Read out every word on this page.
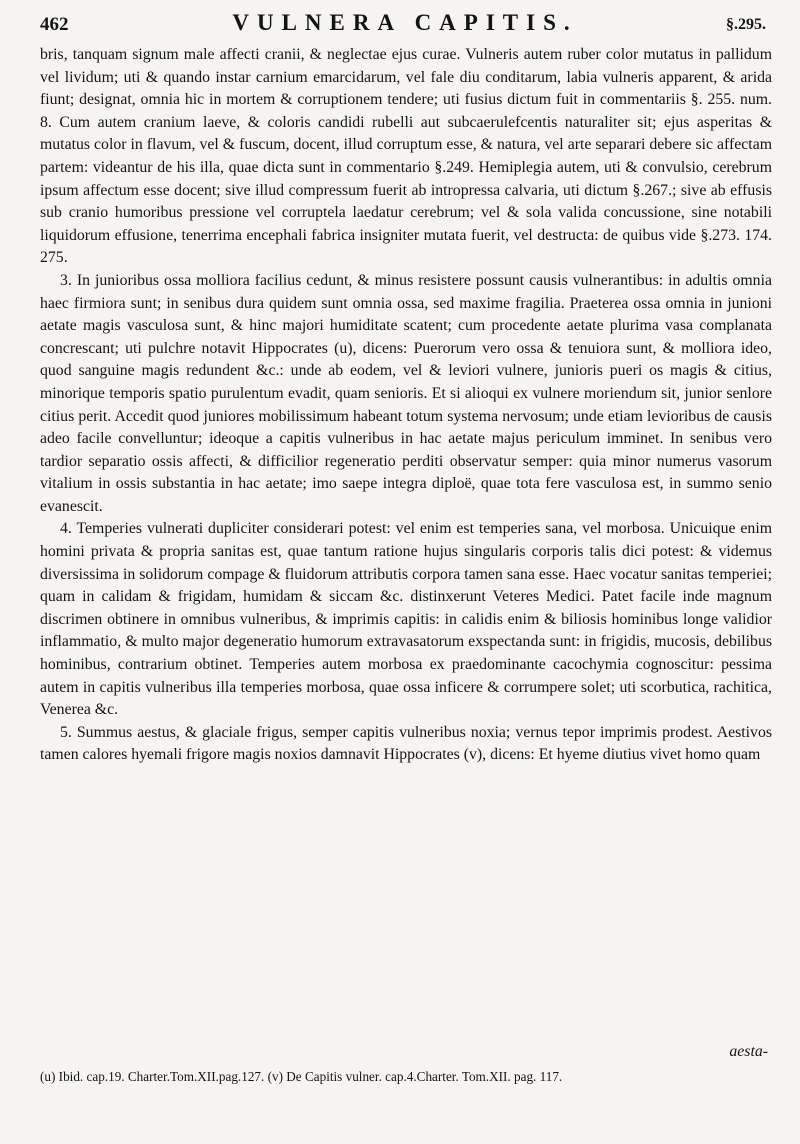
462	VULNERA CAPITIS.	§.295.

bris, tanquam signum male affecti cranii, & neglectae ejus curae. Vulneris autem ruber color mutatus in pallidum vel lividum; uti & quando instar carnium emarcidarum, vel fale diu conditarum, labia vulneris apparent, & arida fiunt; designat, omnia hic in mortem & corruptionem tendere; uti fusius dictum fuit in commentariis §. 255. num. 8. Cum autem cranium laeve, & coloris candidi rubelli aut subcaerulefcentis naturaliter sit; ejus asperitas & mutatus color in flavum, vel & fuscum, docent, illud corruptum esse, & natura, vel arte separari debere sic affectam partem: videantur de his illa, quae dicta sunt in commentario §.249. Hemiplegia autem, uti & convulsio, cerebrum ipsum affectum esse docent; sive illud compressum fuerit ab intropressa calvaria, uti dictum §.267.; sive ab effusis sub cranio humoribus pressione vel corruptela laedatur cerebrum; vel & sola valida concussione, sine notabili liquidorum effusione, tenerrima encephali fabrica insigniter mutata fuerit, vel destructa: de quibus vide §.273. 174. 275.

3. In junioribus ossa molliora facilius cedunt, & minus resistere possunt causis vulnerantibus: in adultis omnia haec firmiora sunt; in senibus dura quidem sunt omnia ossa, sed maxime fragilia. Praeterea ossa omnia in junioni aetate magis vasculosa sunt, & hinc majori humiditate scatent; cum procedente aetate plurima vasa complanata concrescant; uti pulchre notavit Hippocrates (u), dicens: Puerorum vero ossa & tenuiora sunt, & molliora ideo, quod sanguine magis redundent &c.: unde ab eodem, vel & leviori vulnere, junioris pueri os magis & citius, minorique temporis spatio purulentum evadit, quam senioris. Et si alioqui ex vulnere moriendum sit, junior senlore citius perit. Accedit quod juniores mobilissimum habeant totum systema nervosum; unde etiam levioribus de causis adeo facile convelluntur; ideoque a capitis vulneribus in hac aetate majus periculum imminet. In senibus vero tardior separatio ossis affecti, & difficilior regeneratio perditi observatur semper: quia minor numerus vasorum vitalium in ossis substantia in hac aetate; imo saepe integra diploë, quae tota fere vasculosa est, in summo senio evanescit.

4. Temperies vulnerati dupliciter considerari potest: vel enim est temperies sana, vel morbosa. Unicuique enim homini privata & propria sanitas est, quae tantum ratione hujus singularis corporis talis dici potest: & videmus diversissima in solidorum compage & fluidorum attributis corpora tamen sana esse. Haec vocatur sanitas temperiei; quam in calidam & frigidam, humidam & siccam &c. distinxerunt Veteres Medici. Patet facile inde magnum discrimen obtinere in omnibus vulneribus, & imprimis capitis: in calidis enim & biliosis hominibus longe validior inflammatio, & multo major degeneratio humorum extravasatorum exspectanda sunt: in frigidis, mucosis, debilibus hominibus, contrarium obtinet. Temperies autem morbosa ex praedominante cacochymia cognoscitur: pessima autem in capitis vulneribus illa temperies morbosa, quae ossa inficere & corrumpere solet; uti scorbutica, rachitica, Venerea &c.

5. Summus aestus, & glaciale frigus, semper capitis vulneribus noxia; vernus tepor imprimis prodest. Aestivos tamen calores hyemali frigore magis noxios damnavit Hippocrates (v), dicens: Et hyeme diutius vivet homo quam

aesta-

(u) Ibid. cap.19. Charter.Tom.XII.pag.127. (v) De Capitis vulner. cap.4.Charter. Tom.XII. pag. 117.
